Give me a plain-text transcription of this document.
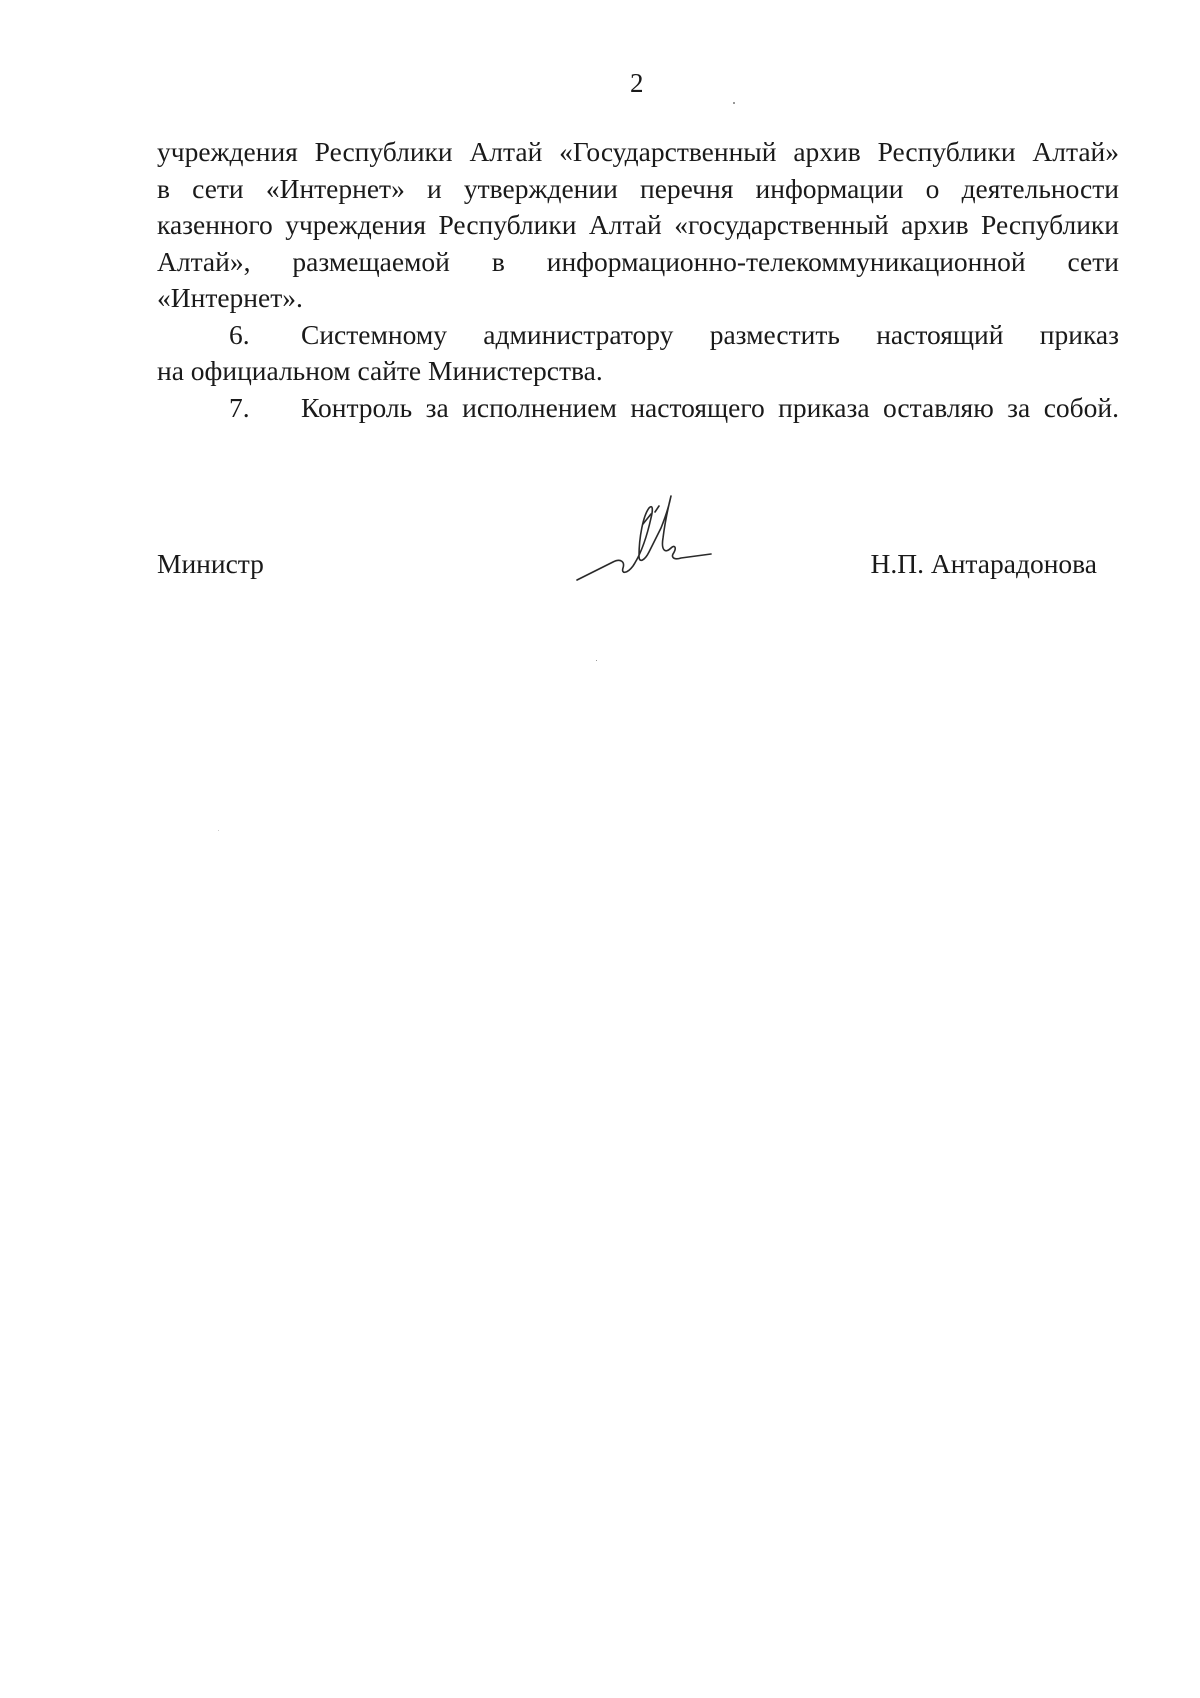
2
учреждения Республики Алтай «Государственный архив Республики Алтай»
в сети «Интернет» и утверждении перечня информации о деятельности
казенного учреждения Республики Алтай «государственный архив Республики
Алтай», размещаемой в информационно-телекоммуникационной сети
«Интернет».
6. Системному администратору разместить настоящий приказ
на официальном сайте Министерства.
7. Контроль за исполнением настоящего приказа оставляю за собой.
Министр	Н.П. Антарадонова
